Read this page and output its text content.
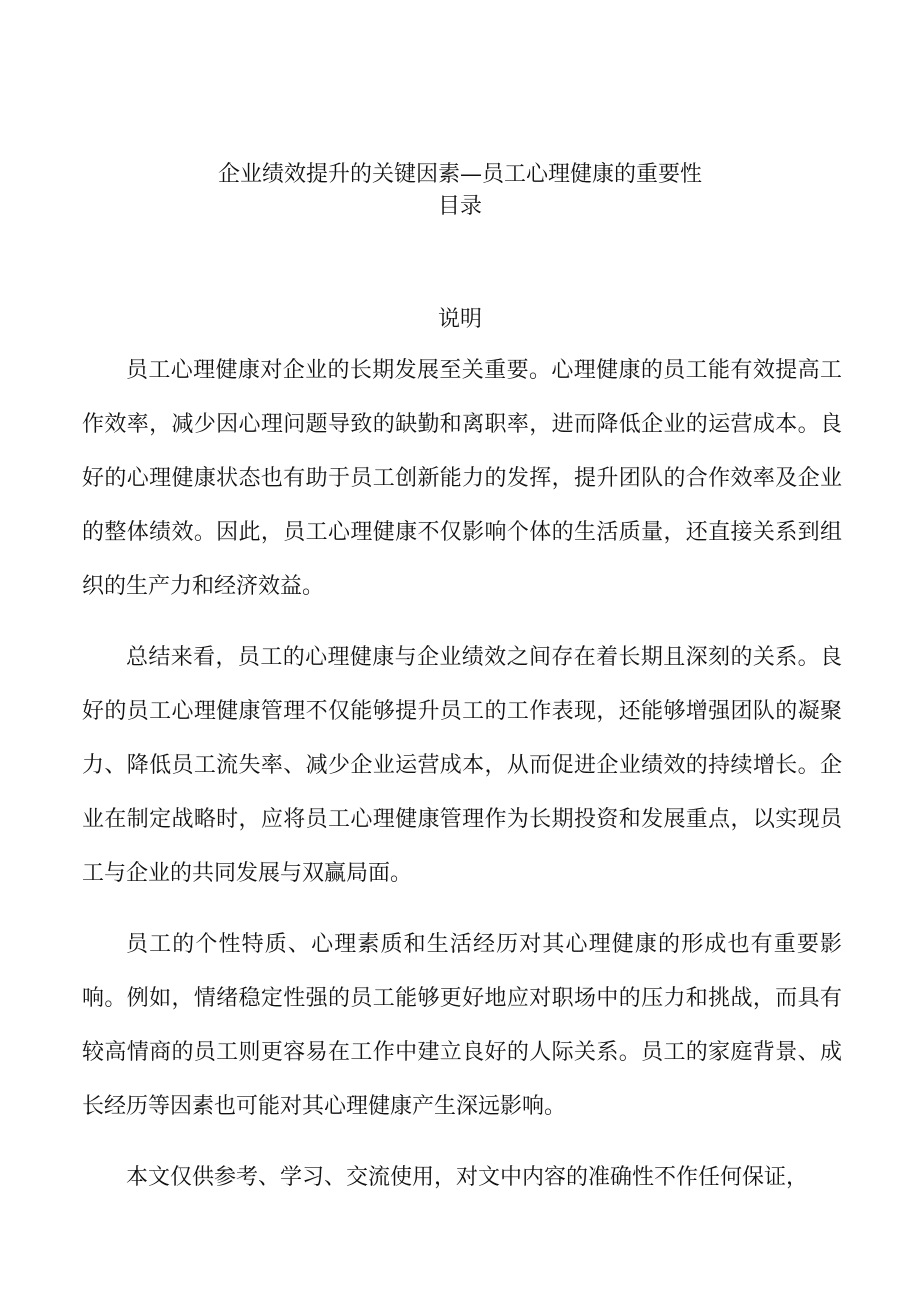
企业绩效提升的关键因素—员工心理健康的重要性
目录
说明

员工心理健康对企业的长期发展至关重要。心理健康的员工能有效提高工作效率，减少因心理问题导致的缺勤和离职率，进而降低企业的运营成本。良好的心理健康状态也有助于员工创新能力的发挥，提升团队的合作效率及企业的整体绩效。因此，员工心理健康不仅影响个体的生活质量，还直接关系到组织的生产力和经济效益。

总结来看，员工的心理健康与企业绩效之间存在着长期且深刻的关系。良好的员工心理健康管理不仅能够提升员工的工作表现，还能够增强团队的凝聚力、降低员工流失率、减少企业运营成本，从而促进企业绩效的持续增长。企业在制定战略时，应将员工心理健康管理作为长期投资和发展重点，以实现员工与企业的共同发展与双赢局面。

员工的个性特质、心理素质和生活经历对其心理健康的形成也有重要影响。例如，情绪稳定性强的员工能够更好地应对职场中的压力和挑战，而具有较高情商的员工则更容易在工作中建立良好的人际关系。员工的家庭背景、成长经历等因素也可能对其心理健康产生深远影响。

本文仅供参考、学习、交流使用，对文中内容的准确性不作任何保证，
